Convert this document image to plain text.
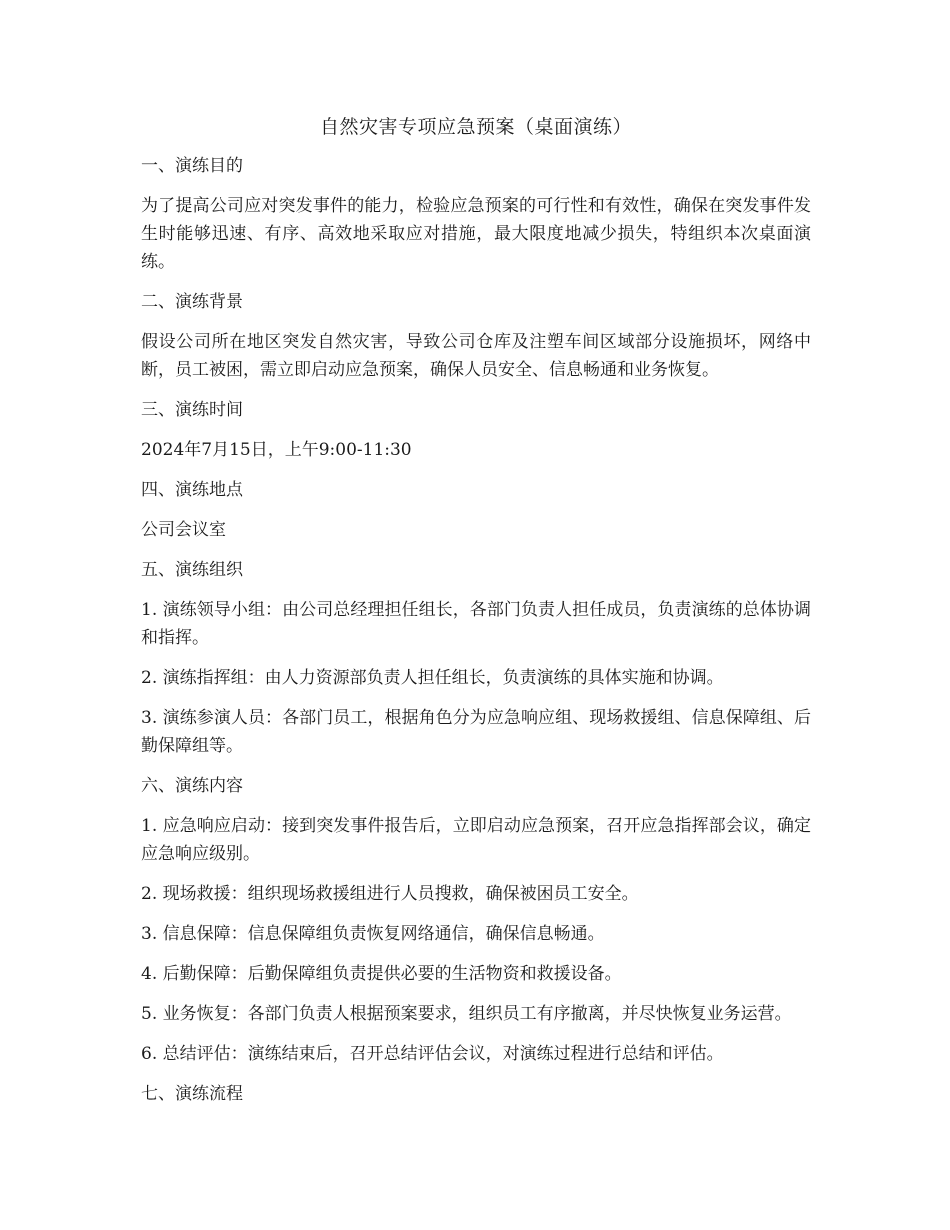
自然灾害专项应急预案（桌面演练）
一、演练目的
为了提高公司应对突发事件的能力，检验应急预案的可行性和有效性，确保在突发事件发生时能够迅速、有序、高效地采取应对措施，最大限度地减少损失，特组织本次桌面演练。
二、演练背景
假设公司所在地区突发自然灾害，导致公司仓库及注塑车间区域部分设施损坏，网络中断，员工被困，需立即启动应急预案，确保人员安全、信息畅通和业务恢复。
三、演练时间
2024年7月15日，上午9:00-11:30
四、演练地点
公司会议室
五、演练组织
1. 演练领导小组：由公司总经理担任组长，各部门负责人担任成员，负责演练的总体协调和指挥。
2. 演练指挥组：由人力资源部负责人担任组长，负责演练的具体实施和协调。
3. 演练参演人员：各部门员工，根据角色分为应急响应组、现场救援组、信息保障组、后勤保障组等。
六、演练内容
1. 应急响应启动：接到突发事件报告后，立即启动应急预案，召开应急指挥部会议，确定应急响应级别。
2. 现场救援：组织现场救援组进行人员搜救，确保被困员工安全。
3. 信息保障：信息保障组负责恢复网络通信，确保信息畅通。
4. 后勤保障：后勤保障组负责提供必要的生活物资和救援设备。
5. 业务恢复：各部门负责人根据预案要求，组织员工有序撤离，并尽快恢复业务运营。
6. 总结评估：演练结束后，召开总结评估会议，对演练过程进行总结和评估。
七、演练流程
